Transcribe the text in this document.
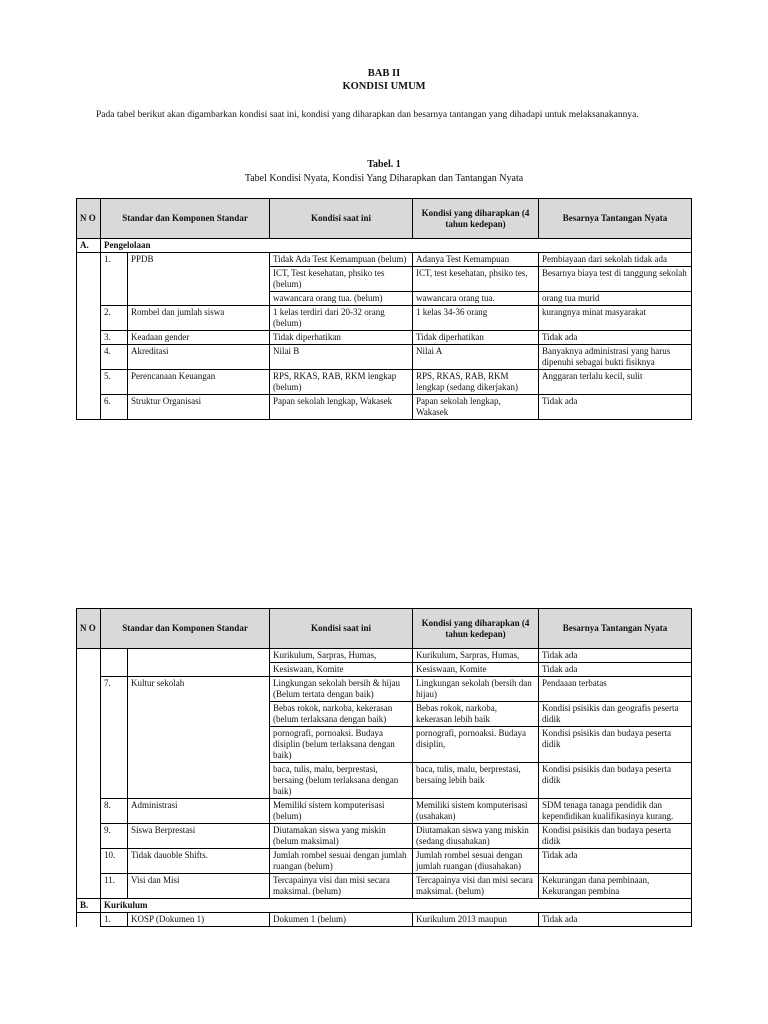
BAB II
KONDISI UMUM
Pada tabel berikut akan digambarkan kondisi saat ini, kondisi yang diharapkan dan besarnya tantangan yang dihadapi untuk melaksanakannya.
Tabel. 1
Tabel Kondisi Nyata, Kondisi Yang Diharapkan dan Tantangan Nyata
N O	Standar dan Komponen Standar		Kondisi saat ini	Kondisi yang diharapkan (4 tahun kedepan)	Besarnya Tantangan Nyata
A.	Pengelolaan				
	1.	PPDB	Tidak Ada Test Kemampuan (belum)	Adanya Test Kemampuan	Pembiayaan dari sekolah tidak ada
			ICT, Test kesehatan, phsiko tes (belum)	ICT, test kesehatan, phsiko tes,	Besarnya biaya test di tanggung sekolah
			wawancara orang tua. (belum)	wawancara orang tua.	orang tua murid
	2.	Rombel dan jumlah siswa	1 kelas terdiri dari 20-32 orang (belum)	1 kelas 34-36 orang	kurangnya minat masyarakat
	3.	Keadaan gender	Tidak diperhatikan	Tidak diperhatikan	Tidak ada
	4.	Akreditasi	Nilai B	Nilai A	Banyaknya administrasi yang harus dipenuhi sebagai bukti fisiknya
	5.	Perencanaan Keuangan	RPS, RKAS, RAB, RKM lengkap (belum)	RPS, RKAS, RAB, RKM lengkap (sedang dikerjakan)	Anggaran terlalu kecil, sulit
	6.	Struktur Organisasi	Papan sekolah lengkap, Wakasek	Papan sekolah lengkap, Wakasek	Tidak ada
N O	Standar dan Komponen Standar		Kondisi saat ini	Kondisi yang diharapkan (4 tahun kedepan)	Besarnya Tantangan Nyata
			Kurikulum, Sarpras, Humas,	Kurikulum, Sarpras, Humas,	Tidak ada
			Kesiswaan, Komite	Kesiswaan, Komite	Tidak ada
	7.	Kultur sekolah	Lingkungan sekolah bersih & hijau (Belum tertata dengan baik)	Lingkungan sekolah (bersih dan hijau)	Pendaaan terbatas
			Bebas rokok, narkoba, kekerasan (belum terlaksana dengan baik)	Bebas rokok, narkoba, kekerasan lebih baik	Kondisi psisikis dan geografis peserta didik
			pornografi, pornoaksi. Budaya disiplin (belum terlaksana dengan baik)	pornografi, pornoaksi. Budaya disiplin,	Kondisi psisikis dan budaya peserta didik
			baca, tulis, malu, berprestasi, bersaing (belum terlaksana dengan baik)	baca, tulis, malu, berprestasi, bersaing lebih baik	Kondisi psisikis dan budaya peserta didik
	8.	Administrasi	Memiliki sistem komputerisasi (belum)	Memiliki sistem komputerisasi (usahakan)	SDM tenaga tanaga pendidik dan kependidikan kualifikasinya kurang.
	9.	Siswa Berprestasi	Diutamakan siswa yang miskin (belum maksimal)	Diutamakan siswa yang miskin (sedang diusahakan)	Kondisi psisikis dan budaya peserta didik
	10.	Tidak dauoble Shifts.	Jumlah rombel sesuai dengan jumlah ruangan (belum)	Jumlah rombel sesuai dengan jumlah ruangan (diusahakan)	Tidak ada
	11.	Visi dan Misi	Tercapainya visi dan misi secara maksimal. (belum)	Tercapainya visi dan misi secara maksimal. (belum)	Kekurangan dana pembinaan, Kekurangan pembina
B.	Kurikulum				
	1.	KOSP (Dokumen 1)	Dokumen 1 (belum)	Kurikulum 2013 maupun	Tidak ada
